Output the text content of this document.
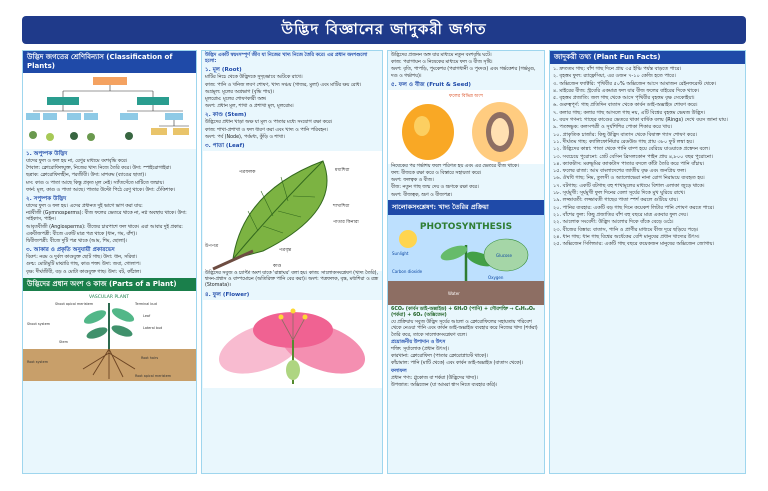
উদ্ভিদ বিজ্ঞানের জাদুকরী জগত
উদ্ভিদ জগতের শ্রেণিবিন্যাস (Classification of Plants)
১. অপুষ্পক উদ্ভিদ

যাদের ফুল ও ফল হয় না, রেণুর মাধ্যমে বংশবৃদ্ধি করে।

শৈবাল: ক্লোরোফিলযুক্ত, নিজের খাদ্য নিজে তৈরি করে। উদা: স্পাইরোগাইরা।

ছত্রাক: ক্লোরোফিলহীন, পরজীবী। উদা: মাশরুম (ব্যাঙের ছাতা)।

মস: কাণ্ড ও পাতা আছে কিন্তু প্রকৃত মূল নেই। স্যাঁতসেঁতে মাটিতে জন্মায়।

ফার্ন: মূল, কাণ্ড ও পাতা আছে। পাতার উল্টো পিঠে রেণু থাকে। উদা: ঢেঁকিশাক।

২. সপুষ্পক উদ্ভিদ

যাদের ফুল ও ফল হয়। এদের প্রধানত দুই ভাগে ভাগ করা যায়:

নগ্নবীজী (Gymnosperms): বীজ ফলের ভেতরে থাকে না, নগ্ন অবস্থায় থাকে। উদা: সাইকাস, পাইন।

আবৃতবীজী (Angiosperms): বীজের চারপাশে ফল থাকে। এরা আবার দুই প্রকার:

একবীজপত্রী: বীজে একটি মাত্র পত্র থাকে (ধান, গম, বাঁশ)।

দ্বিবীজপত্রী: বীজে দুটি পত্র থাকে (আম, শিম, ছোলা)।

৩. আকার ও প্রকৃতি অনুযায়ী প্রকারভেদ

বিরুৎ: নরম ও দুর্বল কাণ্ডযুক্ত ছোট গাছ। উদা: ধান, সরিষা।

গুল্ম: মোটামুটি মাঝারি গাছ, কাণ্ড শক্ত। উদা: জবা, গোলাপ।

বৃক্ষ: দীর্ঘজীবী, বড় ও মোটা কাণ্ডযুক্ত গাছ। উদা: বট, কাঁঠাল।

উদ্ভিদের প্রধান অংশ ও কাজ (Parts of a Plant)
VASCULAR PLANT
Shoot apical meristem	Terminal bud
Leaf
Lateral bud
Stem
Shoot system
Root system
Root apical meristem
Root hairs

উদ্ভিদ একটি স্বয়ংসম্পূর্ণ জীব যা নিজের খাদ্য নিজে তৈরি করে। এর প্রধান অংশগুলো হলো:

১. মূল (Root)

মাটির নিচে থেকে উদ্ভিদকে সুদৃঢ়ভাবে আটকে রাখে।

কাজ: পানি ও খনিজ লবণ শোষণ, খাদ্য সঞ্চয় (গাজর, মুলা) এবং মাটির ক্ষয় রোধ।

অগ্রমূল: মূলের অগ্রভাগ (বৃদ্ধি পায়)।

মূলরোম: মূলের শোষণকারী অঙ্গ।

অংশ: প্রধান মূল, শাখা ও প্রশাখা মূল, মূলরোম।

২. কাণ্ড (Stem)

উদ্ভিদের প্রধান খাড়া অক্ষ যা মূল ও পাতার মধ্যে সংযোগ রক্ষা করে।

কাজ: শাখা-প্রশাখা ও ফল ধারণ করা এবং খাদ্য ও পানি পরিবহন।

অংশ: পর্ব (Node), পর্বমধ্য, কুঁড়ি ও শাখা।

৩. পাতা (Leaf)
পত্রফলক	মধ্যশিরা
শাখাশিরা
পাতার কিনারা
পত্রবৃন্ত
উপপত্র
কাণ্ড

উদ্ভিদের সবুজ ও চ্যাপ্টা অংশ যাকে 'রান্নাঘর' বলা হয়। কাজ: সালোকসংশ্লেষণ (খাদ্য তৈরি), শ্বসন-প্রশ্বাস ও বাষ্পমোচন (অতিরিক্ত পানি বের করা)। অংশ: পত্রফলক, বৃন্ত, মধ্যশিরা ও রন্ধ্র (Stomata)।

৪. ফুল (Flower)

উদ্ভিদের প্রজনন অঙ্গ যার মাধ্যমে নতুন বংশবৃদ্ধি ঘটে।

কাজ: পরাগায়ন ও নিষেকের মাধ্যমে ফল ও বীজ সৃষ্টি।

অংশ: বৃতি, পাপড়ি, পুংকেশর (পরাগধানী ও পুংদণ্ড) এবং গর্ভকেশর (গর্ভমুণ্ড, দণ্ড ও গর্ভাশয়)।

৫. ফল ও বীজ (Fruit & Seed)
ফলের বিভিন্ন অংশ

নিষেকের পর গর্ভাশয় ফলে পরিণত হয় এবং এর ভেতরে বীজ থাকে।

ফল: বীজকে রক্ষা করে ও বিস্তারে সহায়তা করে।

অংশ: ফলত্বক ও বীজ।

বীজ: নতুন গাছ জন্ম দেয় ও ভ্রূণকে রক্ষা করে।

অংশ: বীজত্বক, ভ্রূণ ও বীজপত্র।

সালোকসংশ্লেষণ: খাদ্য তৈরির প্রক্রিয়া
PHOTOSYNTHESIS
Sunlight
Carbon dioxide
Oxygen
Water
Glucose

6CO₂ (কার্বন ডাই-অক্সাইড) + 6H₂O (পানি) + সৌরশক্তি → C₆H₁₂O₆ (শর্করা) + 6O₂ (অক্সিজেন)

যে প্রক্রিয়ায় সবুজ উদ্ভিদ সূর্যের আলো ও ক্লোরোফিলের সহায়তায় পরিবেশ থেকে নেওয়া পানি এবং কার্বন ডাই-অক্সাইড ব্যবহার করে নিজের খাদ্য (শর্করা) তৈরি করে, তাকে সালোকসংশ্লেষণ বলে।

প্রয়োজনীয় উপাদান ও উৎস

শক্তি: সূর্যালোক (প্রধান উৎস)।

কারখানা: ক্লোরোফিল (পাতার ক্লোরোপ্লাস্টে থাকে)।

কাঁচামাল: পানি (মাটি থেকে) এবং কার্বন ডাই-অক্সাইড (বাতাস থেকে)।

ফলাফল

প্রধান পণ্য: গ্লুকোজ বা শর্করা (উদ্ভিদের খাদ্য)।

উপজাত: অক্সিজেন (যা আমরা শ্বাস নিতে ব্যবহার করি)।

জাদুকরী তথ্য (Plant Fun Facts)

১. দ্রুততম গাছ: বাঁশ গাছ দিনে প্রায় ৩৫ ইঞ্চি পর্যন্ত বাড়তে পারে।

২. বৃহত্তম ফুল: র‍্যাফ্লেসিয়া, এর ওজন ৭-১০ কেজি হতে পারে।

৩. অক্সিজেন ফ্যাক্টরি: পৃথিবীর ৫০% অক্সিজেন আসে আমাজন রেইনফরেস্ট থেকে।

৪. মাইরের বীজ: স্ট্রবেরি একমাত্র ফল যার বীজ ফলের বাইরের দিকে থাকে।

৫. বৃহত্তম প্রজাতি: জল গাছ থেকে আসে পৃথিবীর বৃহত্তম বৃক্ষ সেকোইয়া।

৬. গুরুত্বপূর্ণ: গাছ প্রতিদিন বাতাস থেকে কার্বন ডাই-অক্সাইড শোষণ করে।

৭. কলার গাছ: কলার গাছ আসলে গাছ নয়, এটি বিশ্বের বৃহত্তম ভেষজ উদ্ভিদ।

৮. বয়স গণনা: গাছের কাণ্ডের ভেতরে থাকা বার্ষিক বলয় (Rings) দেখে বয়স জানা যায়।

৯. পতঙ্গভুক: কলসপত্রী ও সূর্যশিশির পোকা শিকার করে খায়।

১০. প্রাকৃতিক চার্জার: কিছু উদ্ভিদ বাতাস থেকে বিষাক্ত গ্যাস শোষণ করে।

১১. দীর্ঘতম গাছ: ক্যালিফোর্নিয়ার রেডউড গাছ প্রায় ৩৮০ ফুট লম্বা হয়।

১২. উদ্ভিদের কান্না: পাতা থেকে পানি বাষ্প হয়ে বেরিয়ে যাওয়াকে প্রস্বেদন বলে।

১৩. সবচেয়ে পুরোনো: গ্রেট বেসিন ব্রিসলকোন পাইন প্রায় ৪,৮০০ বছর পুরোনো।

১৪. ক্যাকটাস: মরুভূমির ক্যাকটাস পাতার বদলে কাঁটা তৈরি করে পানি বাঁচায়।

১৫. ফলের রাজা: আম বাংলাদেশের জাতীয় বৃক্ষ এবং জনপ্রিয় ফল।

১৬. ঔষধি গাছ: নিম, তুলসী ও অ্যালোভেরা নানা রোগ নিরাময়ে ব্যবহৃত হয়।

১৭. বটগাছ: একটি বটগাছ বহু শাখামূলের মাধ্যমে বিশাল এলাকা জুড়ে থাকে।

১৮. সূর্যমুখী: সূর্যমুখী ফুল দিনের বেলা সূর্যের দিকে মুখ ঘুরিয়ে রাখে।

১৯. লজ্জাবতী: লজ্জাবতী গাছের পাতা স্পর্শ করলে গুটিয়ে যায়।

২০. পানির ব্যবহার: একটি বড় গাছ দিনে কয়েকশ লিটার পানি শোষণ করতে পারে।

২১. বাঁশের ফুল: কিছু প্রজাতির বাঁশ বহু বছরে মাত্র একবার ফুল দেয়।

২২. আলোক সংবেদী: উদ্ভিদ আলোর দিকে বাঁকে বেড়ে ওঠে।

২৩. বীজের বিস্তার: বাতাস, পানি ও প্রাণীর মাধ্যমে বীজ দূরে ছড়িয়ে পড়ে।

২৪. ধান গাছ: ধান গাছ বিশ্বের অর্ধেকের বেশি মানুষের প্রধান খাদ্যের উৎস।

২৫. অক্সিজেন সিলিন্ডার: একটি গাছ বছরে কয়েকজন মানুষের অক্সিজেন জোগায়।
